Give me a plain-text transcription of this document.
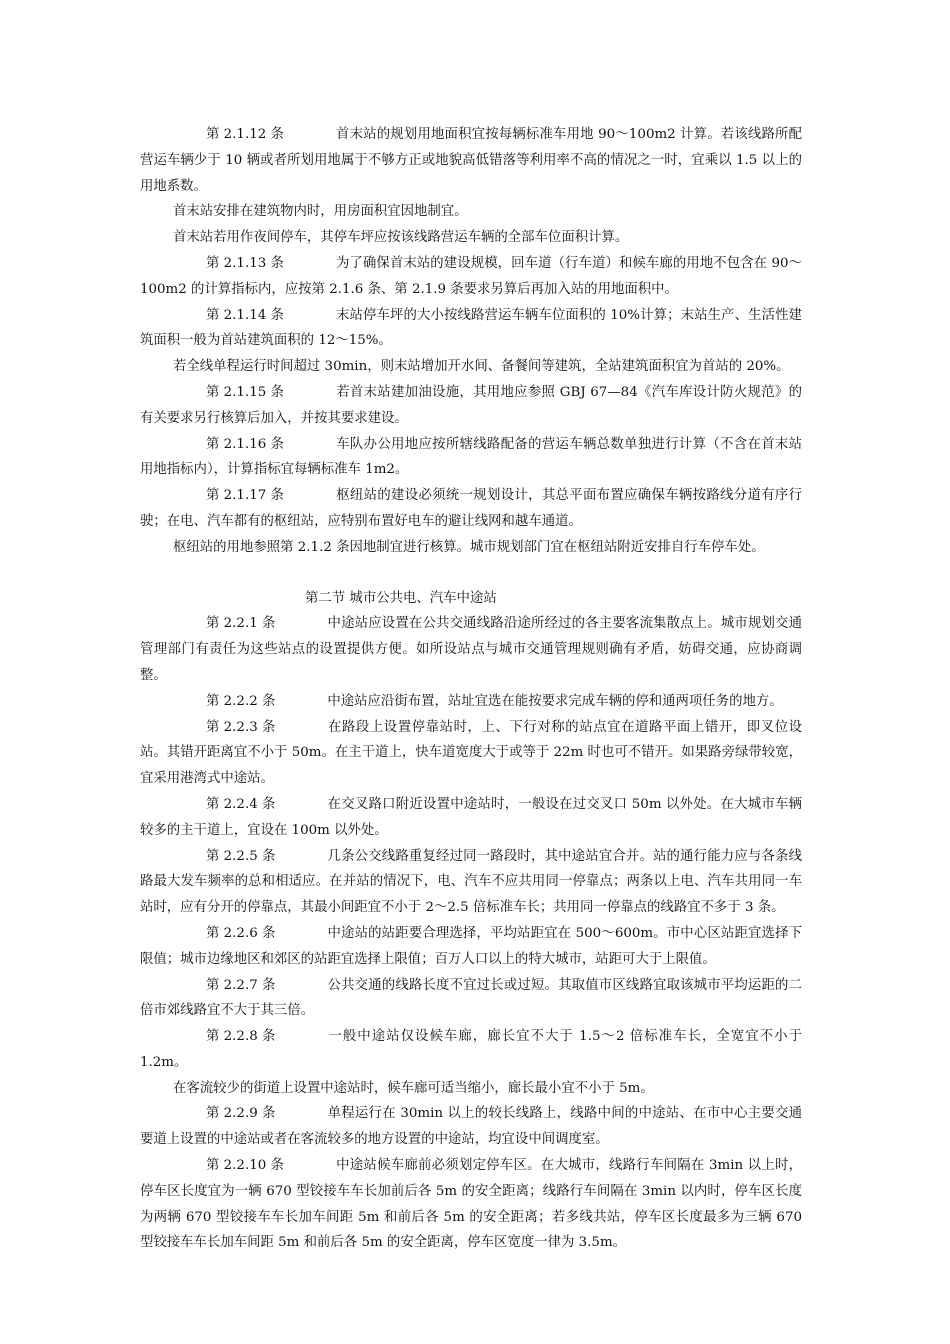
第 2.1.12 条	首末站的规划用地面积宜按每辆标准车用地 90～100m2 计算。若该线路所配营运车辆少于 10 辆或者所划用地属于不够方正或地貌高低错落等利用率不高的情况之一时，宜乘以 1.5 以上的用地系数。

首末站安排在建筑物内时，用房面积宜因地制宜。

首末站若用作夜间停车，其停车坪应按该线路营运车辆的全部车位面积计算。

第 2.1.13 条	为了确保首末站的建设规模，回车道（行车道）和候车廊的用地不包含在 90～100m2 的计算指标内，应按第 2.1.6 条、第 2.1.9 条要求另算后再加入站的用地面积中。

第 2.1.14 条	末站停车坪的大小按线路营运车辆车位面积的 10%计算；末站生产、生活性建筑面积一般为首站建筑面积的 12～15%。

若全线单程运行时间超过 30min，则末站增加开水间、备餐间等建筑，全站建筑面积宜为首站的 20%。

第 2.1.15 条	若首末站建加油设施，其用地应参照 GBJ 67—84《汽车库设计防火规范》的有关要求另行核算后加入，并按其要求建设。

第 2.1.16 条	车队办公用地应按所辖线路配备的营运车辆总数单独进行计算（不含在首末站用地指标内），计算指标宜每辆标准车 1m2。

第 2.1.17 条	枢纽站的建设必须统一规划设计，其总平面布置应确保车辆按路线分道有序行驶；在电、汽车都有的枢纽站，应特别布置好电车的避让线网和越车通道。

枢纽站的用地参照第 2.1.2 条因地制宜进行核算。城市规划部门宜在枢纽站附近安排自行车停车处。

第二节 城市公共电、汽车中途站

第 2.2.1 条	中途站应设置在公共交通线路沿途所经过的各主要客流集散点上。城市规划交通管理部门有责任为这些站点的设置提供方便。如所设站点与城市交通管理规则确有矛盾，妨碍交通，应协商调整。

第 2.2.2 条	中途站应沿街布置，站址宜选在能按要求完成车辆的停和通两项任务的地方。

第 2.2.3 条	在路段上设置停靠站时，上、下行对称的站点宜在道路平面上错开，即叉位设站。其错开距离宜不小于 50m。在主干道上，快车道宽度大于或等于 22m 时也可不错开。如果路旁绿带较宽，宜采用港湾式中途站。

第 2.2.4 条	在交叉路口附近设置中途站时，一般设在过交叉口 50m 以外处。在大城市车辆较多的主干道上，宜设在 100m 以外处。

第 2.2.5 条	几条公交线路重复经过同一路段时，其中途站宜合并。站的通行能力应与各条线路最大发车频率的总和相适应。在并站的情况下，电、汽车不应共用同一停靠点；两条以上电、汽车共用同一车站时，应有分开的停靠点，其最小间距宜不小于 2～2.5 倍标准车长；共用同一停靠点的线路宜不多于 3 条。

第 2.2.6 条	中途站的站距要合理选择，平均站距宜在 500～600m。市中心区站距宜选择下限值；城市边缘地区和郊区的站距宜选择上限值；百万人口以上的特大城市，站距可大于上限值。

第 2.2.7 条	公共交通的线路长度不宜过长或过短。其取值市区线路宜取该城市平均运距的二倍市郊线路宜不大于其三倍。

第 2.2.8 条	一般中途站仅设候车廊，廊长宜不大于 1.5～2 倍标准车长，全宽宜不小于 1.2m。

在客流较少的街道上设置中途站时，候车廊可适当缩小，廊长最小宜不小于 5m。

第 2.2.9 条	单程运行在 30min 以上的较长线路上，线路中间的中途站、在市中心主要交通要道上设置的中途站或者在客流较多的地方设置的中途站，均宜设中间调度室。

第 2.2.10 条	中途站候车廊前必须划定停车区。在大城市，线路行车间隔在 3min 以上时，停车区长度宜为一辆 670 型铰接车车长加前后各 5m 的安全距离；线路行车间隔在 3min 以内时，停车区长度为两辆 670 型铰接车车长加车间距 5m 和前后各 5m 的安全距离；若多线共站，停车区长度最多为三辆 670 型铰接车车长加车间距 5m 和前后各 5m 的安全距离，停车区宽度一律为 3.5m。
